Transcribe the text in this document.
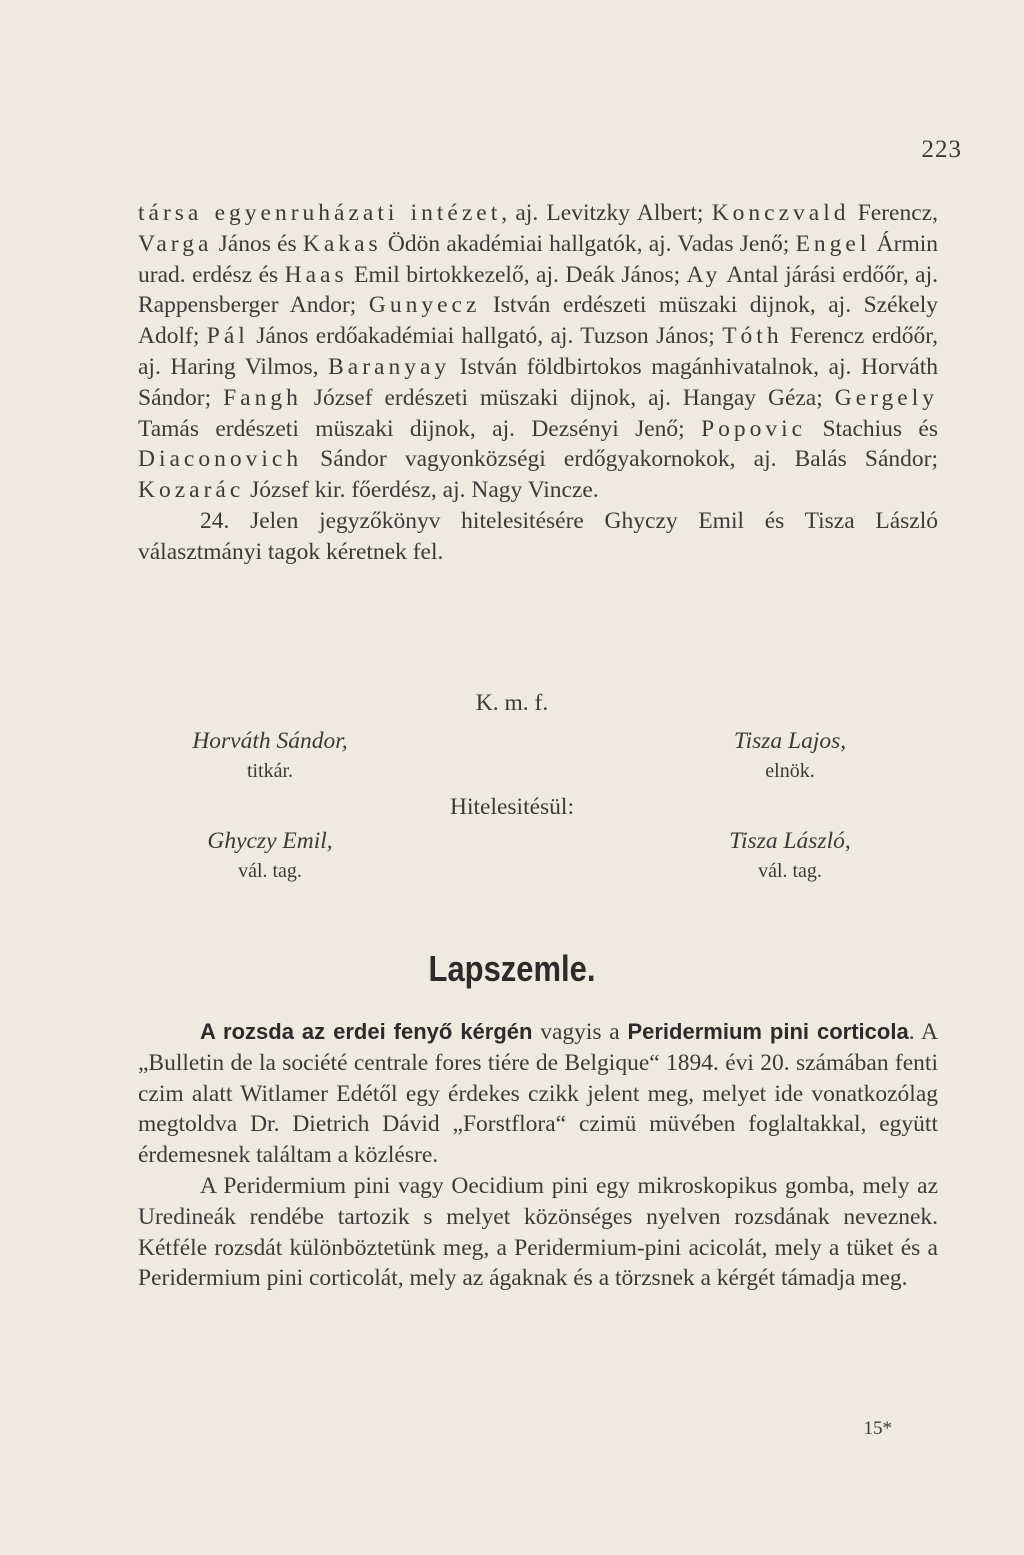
223

társa egyenruházati intézet, aj. Levitzky Albert; Konczvald Ferencz, Varga János és Kakas Ödön akadémiai hallgatók, aj. Vadas Jenő; Engel Ármin urad. erdész és Haas Emil birtokkezelő, aj. Deák János; Ay Antal járási erdőőr, aj. Rappensberger Andor; Gunyecz István erdészeti müszaki dijnok, aj. Székely Adolf; Pál János erdőakadémiai hallgató, aj. Tuzson János; Tóth Ferencz erdőőr, aj. Haring Vilmos, Baranyay István földbirtokos magánhivatalnok, aj. Horváth Sándor; Fangh József erdészeti müszaki dijnok, aj. Hangay Géza; Gergely Tamás erdészeti müszaki dijnok, aj. Dezsényi Jenő; Popovic Stachius és Diaconovich Sándor vagyonközségi erdőgyakornokok, aj. Balás Sándor; Kozarác József kir. főerdész, aj. Nagy Vincze.

24. Jelen jegyzőkönyv hitelesitésére Ghyczy Emil és Tisza László választmányi tagok kéretnek fel.

K. m. f.
Horváth Sándor,
titkár.
Tisza Lajos,
elnök.
Hitelesitésül:
Ghyczy Emil,
vál. tag.
Tisza László,
vál. tag.
Lapszemle.

A rozsda az erdei fenyő kérgén vagyis a Peridermium pini corticola. A „Bulletin de la société centrale fores tiére de Belgique“ 1894. évi 20. számában fenti czim alatt Witlamer Edétől egy érdekes czikk jelent meg, melyet ide vonatkozólag megtoldva Dr. Dietrich Dávid „Forstflora“ czimü müvében foglaltakkal, együtt érdemesnek találtam a közlésre.

A Peridermium pini vagy Oecidium pini egy mikroskopikus gomba, mely az Uredineák rendébe tartozik s melyet közönséges nyelven rozsdának neveznek. Kétféle rozsdát különböztetünk meg, a Peridermium-pini acicolát, mely a tüket és a Peridermium pini corticolát, mely az ágaknak és a törzsnek a kérgét támadja meg.

15*
